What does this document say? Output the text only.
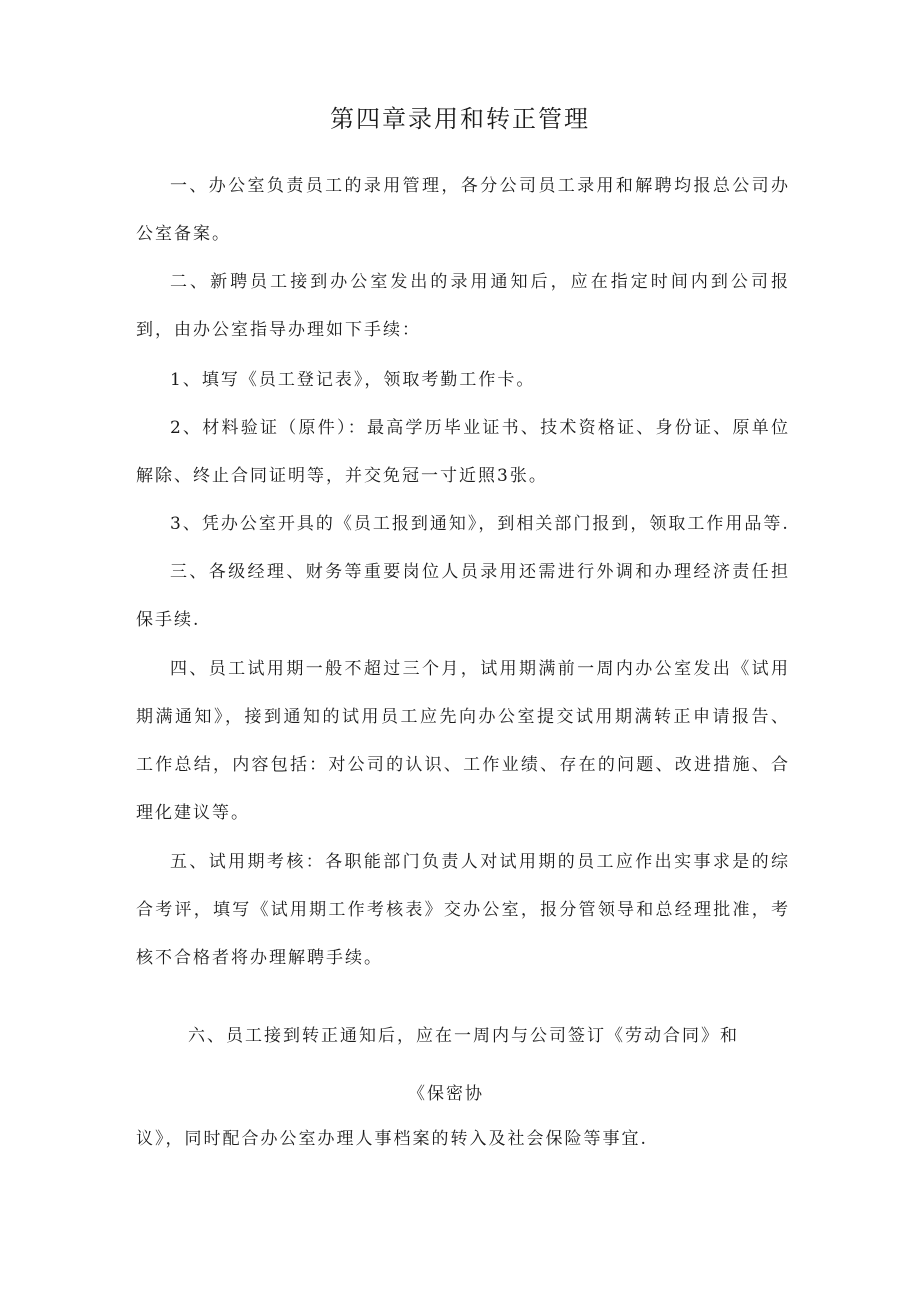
第四章录用和转正管理
一、办公室负责员工的录用管理，各分公司员工录用和解聘均报总公司办公室备案。
二、新聘员工接到办公室发出的录用通知后，应在指定时间内到公司报到，由办公室指导办理如下手续：
1、填写《员工登记表》，领取考勤工作卡。
2、材料验证（原件）：最高学历毕业证书、技术资格证、身份证、原单位解除、终止合同证明等，并交免冠一寸近照3张。
3、凭办公室开具的《员工报到通知》，到相关部门报到，领取工作用品等.
三、各级经理、财务等重要岗位人员录用还需进行外调和办理经济责任担保手续.
四、员工试用期一般不超过三个月，试用期满前一周内办公室发出《试用期满通知》，接到通知的试用员工应先向办公室提交试用期满转正申请报告、工作总结，内容包括：对公司的认识、工作业绩、存在的问题、改进措施、合理化建议等。
五、试用期考核：各职能部门负责人对试用期的员工应作出实事求是的综合考评，填写《试用期工作考核表》交办公室，报分管领导和总经理批准，考核不合格者将办理解聘手续。
六、员工接到转正通知后，应在一周内与公司签订《劳动合同》和
《保密协
议》，同时配合办公室办理人事档案的转入及社会保险等事宜.
